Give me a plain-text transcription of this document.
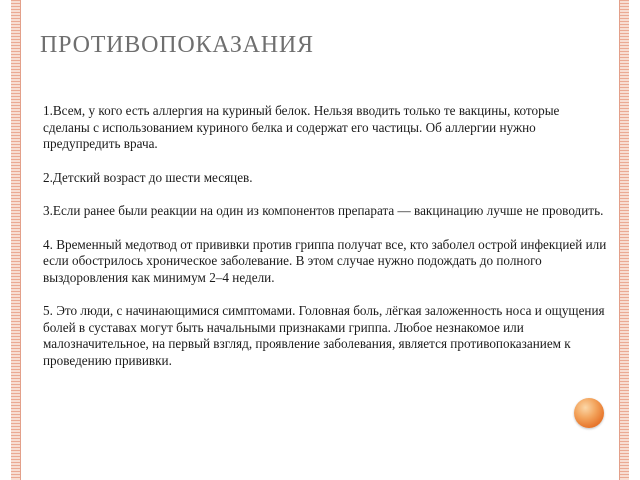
ПРОТИВОПОКАЗАНИЯ

1.Всем, у кого есть аллергия на куриный белок. Нельзя вводить только те вакцины, которые сделаны с использованием куриного белка и содержат его частицы. Об аллергии нужно предупредить врача.

2.Детский возраст до шести месяцев.

3.Если ранее были реакции на один из компонентов препарата — вакцинацию лучше не проводить.

4. Временный медотвод от прививки против гриппа получат все, кто заболел острой инфекцией или если обострилось хроническое заболевание. В этом случае нужно подождать до полного выздоровления как минимум 2–4 недели.

5. Это люди, с начинающимися симптомами. Головная боль, лёгкая заложенность носа и ощущения болей в суставах могут быть начальными признаками гриппа. Любое незнакомое или малозначительное, на первый взгляд, проявление заболевания, является противопоказанием к проведению прививки.
